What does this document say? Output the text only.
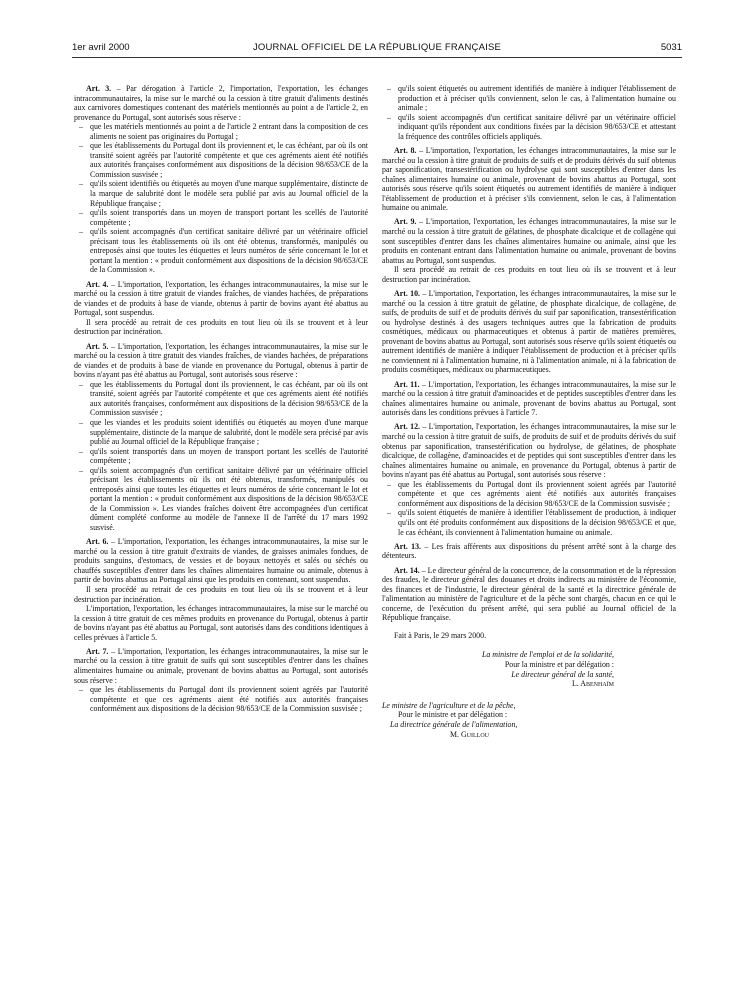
1er avril 2000	JOURNAL OFFICIEL DE LA RÉPUBLIQUE FRANÇAISE	5031

Art. 3. – Par dérogation à l'article 2, l'importation, l'exportation, les échanges intracommunautaires, la mise sur le marché ou la cession à titre gratuit d'aliments destinés aux carnivores domestiques contenant des matériels mentionnés au point a de l'article 2, en provenance du Portugal, sont autorisés sous réserve :

– que les matériels mentionnés au point a de l'article 2 entrant dans la composition de ces aliments ne soient pas originaires du Portugal ;
– que les établissements du Portugal dont ils proviennent et, le cas échéant, par où ils ont transité soient agréés par l'autorité compétente et que ces agréments aient été notifiés aux autorités françaises conformément aux dispositions de la décision 98/653/CE de la Commission susvisée ;
– qu'ils soient identifiés ou étiquetés au moyen d'une marque supplémentaire, distincte de la marque de salubrité dont le modèle sera publié par avis au Journal officiel de la République française ;
– qu'ils soient transportés dans un moyen de transport portant les scellés de l'autorité compétente ;
– qu'ils soient accompagnés d'un certificat sanitaire délivré par un vétérinaire officiel précisant tous les établissements où ils ont été obtenus, transformés, manipulés ou entreposés ainsi que toutes les étiquettes et leurs numéros de série concernant le lot et portant la mention : « produit conformément aux dispositions de la décision 98/653/CE de la Commission ».

Art. 4. – L'importation, l'exportation, les échanges intracommunautaires, la mise sur le marché ou la cession à titre gratuit de viandes fraîches, de viandes hachées, de préparations de viandes et de produits à base de viande, obtenus à partir de bovins ayant été abattus au Portugal, sont suspendus.

Il sera procédé au retrait de ces produits en tout lieu où ils se trouvent et à leur destruction par incinération.

Art. 5. – L'importation, l'exportation, les échanges intracommunautaires, la mise sur le marché ou la cession à titre gratuit des viandes fraîches, de viandes hachées, de préparations de viandes et de produits à base de viande en provenance du Portugal, obtenus à partir de bovins n'ayant pas été abattus au Portugal, sont autorisés sous réserve :

– que les établissements du Portugal dont ils proviennent, le cas échéant, par où ils ont transité, soient agréés par l'autorité compétente et que ces agréments aient été notifiés aux autorités françaises, conformément aux dispositions de la décision 98/653/CE de la Commission susvisée ;
– que les viandes et les produits soient identifiés ou étiquetés au moyen d'une marque supplémentaire, distincte de la marque de salubrité, dont le modèle sera précisé par avis publié au Journal officiel de la République française ;
– qu'ils soient transportés dans un moyen de transport portant les scellés de l'autorité compétente ;
– qu'ils soient accompagnés d'un certificat sanitaire délivré par un vétérinaire officiel précisant les établissements où ils ont été obtenus, transformés, manipulés ou entreposés ainsi que toutes les étiquettes et leurs numéros de série concernant le lot et portant la mention : « produit conformément aux dispositions de la décision 98/653/CE de la Commission ». Les viandes fraîches doivent être accompagnées d'un certificat dûment complété conforme au modèle de l'annexe II de l'arrêté du 17 mars 1992 susvisé.

Art. 6. – L'importation, l'exportation, les échanges intracommunautaires, la mise sur le marché ou la cession à titre gratuit d'extraits de viandes, de graisses animales fondues, de produits sanguins, d'estomacs, de vessies et de boyaux nettoyés et salés ou séchés ou chauffés susceptibles d'entrer dans les chaînes alimentaires humaine ou animale, obtenus à partir de bovins abattus au Portugal ainsi que les produits en contenant, sont suspendus.

Il sera procédé au retrait de ces produits en tout lieu où ils se trouvent et à leur destruction par incinération.

L'importation, l'exportation, les échanges intracommunautaires, la mise sur le marché ou la cession à titre gratuit de ces mêmes produits en provenance du Portugal, obtenus à partir de bovins n'ayant pas été abattus au Portugal, sont autorisés dans des conditions identiques à celles prévues à l'article 5.

Art. 7. – L'importation, l'exportation, les échanges intracommunautaires, la mise sur le marché ou la cession à titre gratuit de suifs qui sont susceptibles d'entrer dans les chaînes alimentaires humaine ou animale, provenant de bovins abattus au Portugal, sont autorisés sous réserve :

– que les établissements du Portugal dont ils proviennent soient agréés par l'autorité compétente et que ces agréments aient été notifiés aux autorités françaises conformément aux dispositions de la décision 98/653/CE de la Commission susvisée ;
– qu'ils soient étiquetés ou autrement identifiés de manière à indiquer l'établissement de production et à préciser qu'ils conviennent, selon le cas, à l'alimentation humaine ou animale ;
– qu'ils soient accompagnés d'un certificat sanitaire délivré par un vétérinaire officiel indiquant qu'ils répondent aux conditions fixées par la décision 98/653/CE et attestant la fréquence des contrôles officiels appliqués.

Art. 8. – L'importation, l'exportation, les échanges intracommunautaires, la mise sur le marché ou la cession à titre gratuit de produits de suifs et de produits dérivés du suif obtenus par saponification, transestérification ou hydrolyse qui sont susceptibles d'entrer dans les chaînes alimentaires humaine ou animale, provenant de bovins abattus au Portugal, sont autorisés sous réserve qu'ils soient étiquetés ou autrement identifiés de manière à indiquer l'établissement de production et à préciser s'ils conviennent, selon le cas, à l'alimentation humaine ou animale.

Art. 9. – L'importation, l'exportation, les échanges intracommunautaires, la mise sur le marché ou la cession à titre gratuit de gélatines, de phosphate dicalcique et de collagène qui sont susceptibles d'entrer dans les chaînes alimentaires humaine ou animale, ainsi que les produits en contenant entrant dans l'alimentation humaine ou animale, provenant de bovins abattus au Portugal, sont suspendus.

Il sera procédé au retrait de ces produits en tout lieu où ils se trouvent et à leur destruction par incinération.

Art. 10. – L'importation, l'exportation, les échanges intracommunautaires, la mise sur le marché ou la cession à titre gratuit de gélatine, de phosphate dicalcique, de collagène, de suifs, de produits de suif et de produits dérivés du suif par saponification, transestérification ou hydrolyse destinés à des usagers techniques autres que la fabrication de produits cosmétiques, médicaux ou pharmaceutiques et obtenus à partir de matières premières, provenant de bovins abattus au Portugal, sont autorisés sous réserve qu'ils soient étiquetés ou autrement identifiés de manière à indiquer l'établissement de production et à préciser qu'ils ne conviennent ni à l'alimentation humaine, ni à l'alimentation animale, ni à la fabrication de produits cosmétiques, médicaux ou pharmaceutiques.

Art. 11. – L'importation, l'exportation, les échanges intracommunautaires, la mise sur le marché ou la cession à titre gratuit d'aminoacides et de peptides susceptibles d'entrer dans les chaînes alimentaires humaine ou animale, provenant de bovins abattus au Portugal, sont autorisés dans les conditions prévues à l'article 7.

Art. 12. – L'importation, l'exportation, les échanges intracommunautaires, la mise sur le marché ou la cession à titre gratuit de suifs, de produits de suif et de produits dérivés du suif obtenus par saponification, transestérification ou hydrolyse, de gélatines, de phosphate dicalcique, de collagène, d'aminoacides et de peptides qui sont susceptibles d'entrer dans les chaînes alimentaires humaine ou animale, en provenance du Portugal, obtenus à partir de bovins n'ayant pas été abattus au Portugal, sont autorisés sous réserve :

– que les établissements du Portugal dont ils proviennent soient agréés par l'autorité compétente et que ces agréments aient été notifiés aux autorités françaises conformément aux dispositions de la décision 98/653/CE de la Commission susvisée ;
– qu'ils soient étiquetés de manière à identifier l'établissement de production, à indiquer qu'ils ont été produits conformément aux dispositions de la décision 98/653/CE et que, le cas échéant, ils conviennent à l'alimentation humaine ou animale.

Art. 13. – Les frais afférents aux dispositions du présent arrêté sont à la charge des détenteurs.

Art. 14. – Le directeur général de la concurrence, de la consommation et de la répression des fraudes, le directeur général des douanes et droits indirects au ministère de l'économie, des finances et de l'industrie, le directeur général de la santé et la directrice générale de l'alimentation au ministère de l'agriculture et de la pêche sont chargés, chacun en ce qui le concerne, de l'exécution du présent arrêté, qui sera publié au Journal officiel de la République française.

Fait à Paris, le 29 mars 2000.

La ministre de l'emploi et de la solidarité,
Pour la ministre et par délégation :
Le directeur général de la santé,
L. Abenhaïm
Le ministre de l'agriculture et de la pêche,
Pour le ministre et par délégation :
La directrice générale de l'alimentation,
M. Guillou
